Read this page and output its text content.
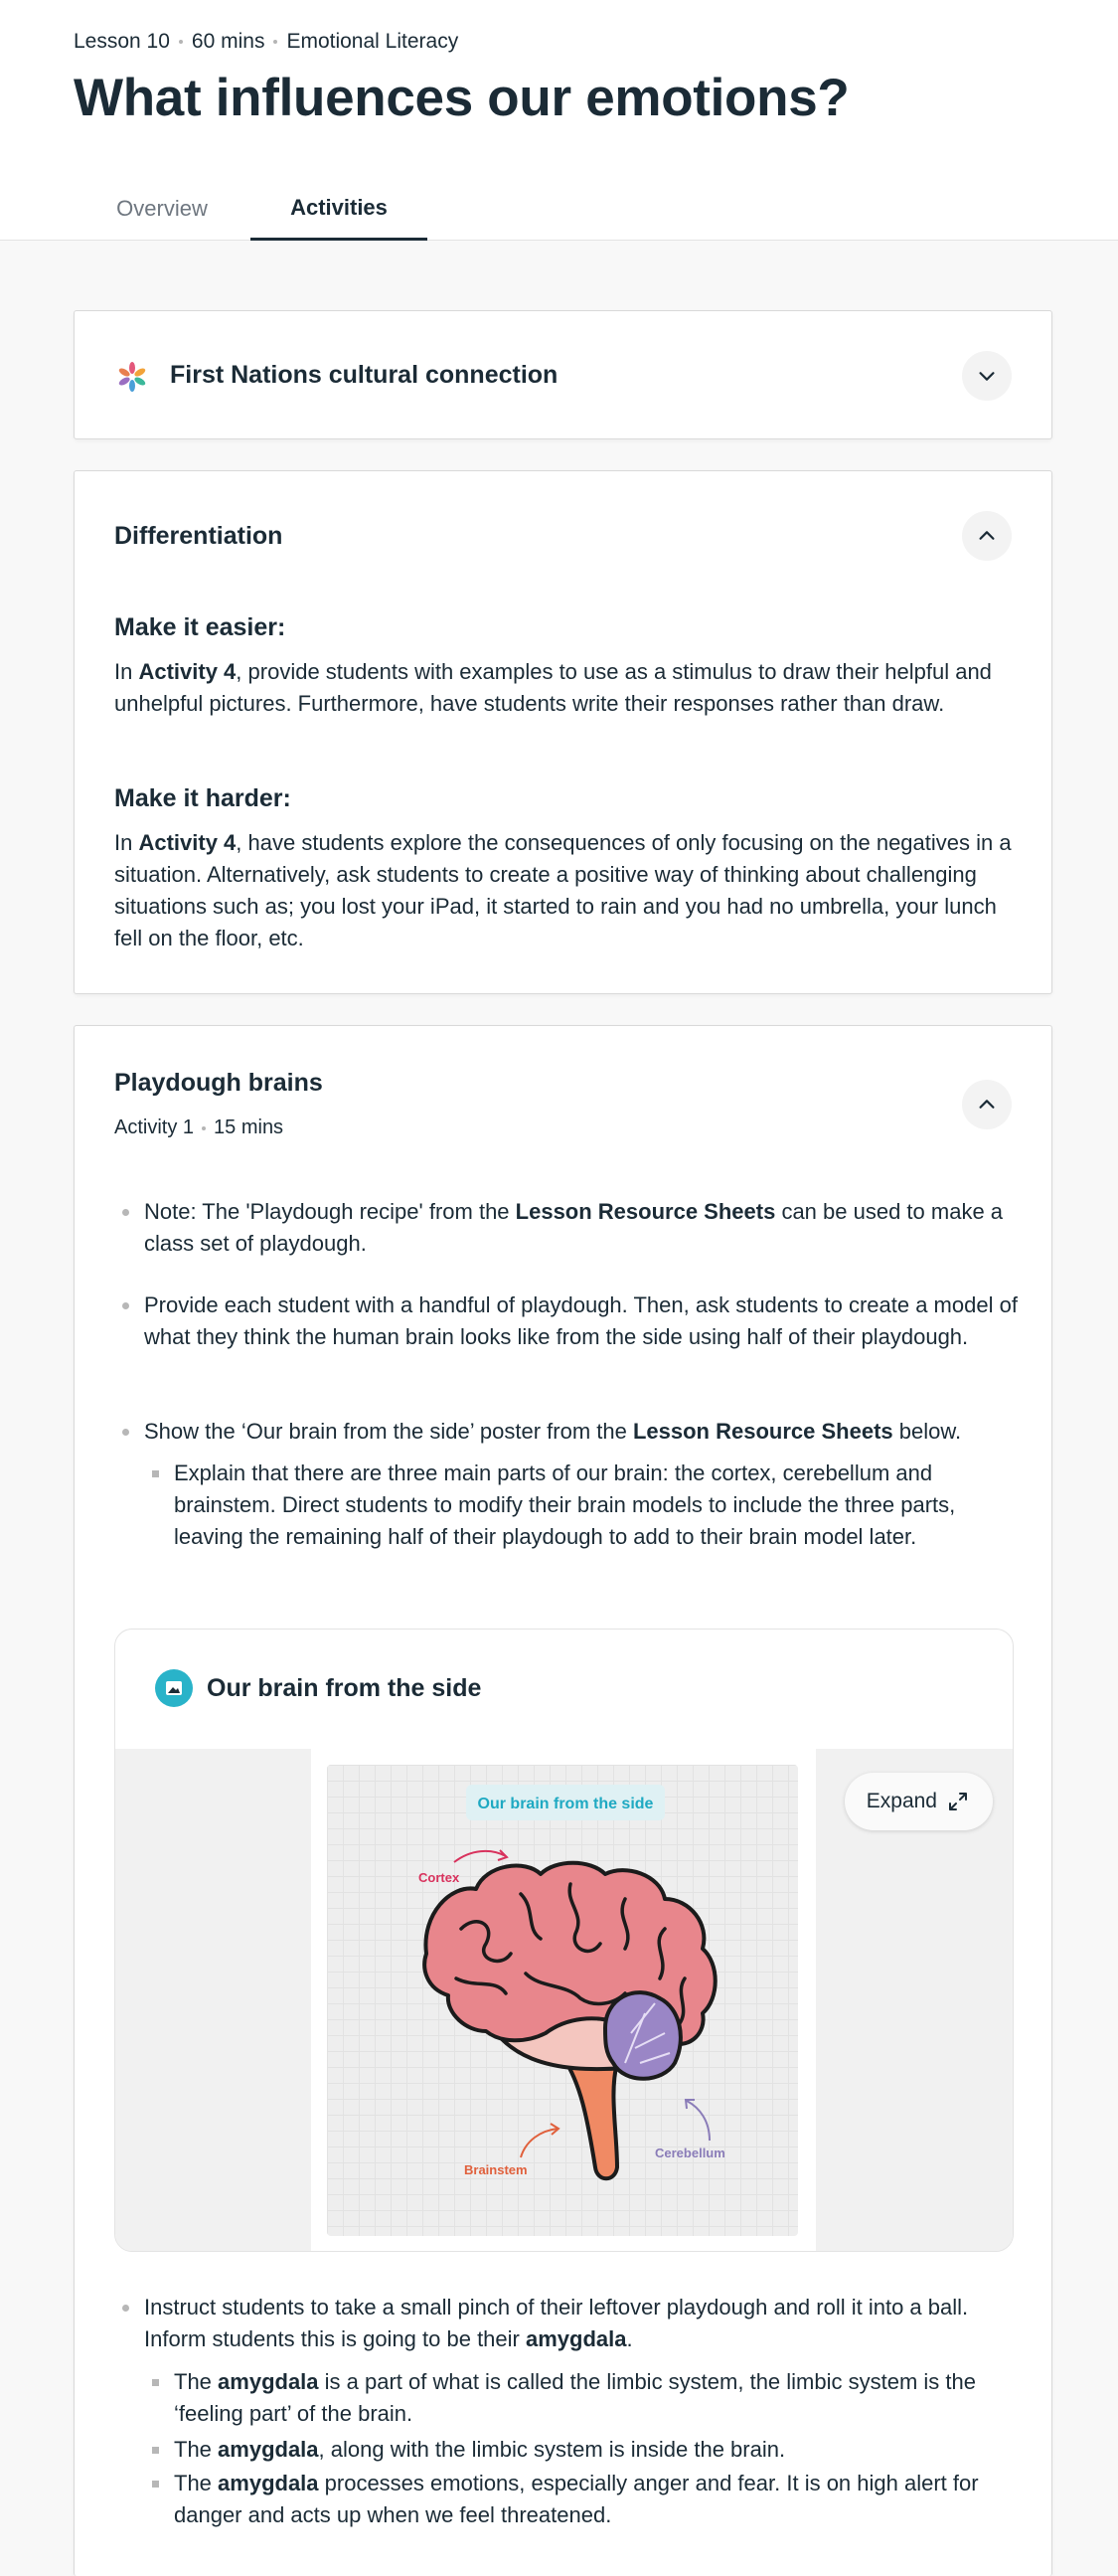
Lesson 10 60 mins Emotional Literacy
What influences our emotions?
Overview	Activities
First Nations cultural connection
Differentiation
Make it easier:
In Activity 4, provide students with examples to use as a stimulus to draw their helpful and unhelpful pictures. Furthermore, have students write their responses rather than draw.
Make it harder:
In Activity 4, have students explore the consequences of only focusing on the negatives in a situation. Alternatively, ask students to create a positive way of thinking about challenging situations such as; you lost your iPad, it started to rain and you had no umbrella, your lunch fell on the floor, etc.
Playdough brains
Activity 1 15 mins
Note: The 'Playdough recipe' from the Lesson Resource Sheets can be used to make a class set of playdough.
Provide each student with a handful of playdough. Then, ask students to create a model of what they think the human brain looks like from the side using half of their playdough.
Show the ‘Our brain from the side’ poster from the Lesson Resource Sheets below.
Explain that there are three main parts of our brain: the cortex, cerebellum and brainstem. Direct students to modify their brain models to include the three parts, leaving the remaining half of their playdough to add to their brain model later.
Our brain from the side
Our brain from the side
Cortex
Brainstem
Cerebellum
Expand
Instruct students to take a small pinch of their leftover playdough and roll it into a ball. Inform students this is going to be their amygdala.
The amygdala is a part of what is called the limbic system, the limbic system is the ‘feeling part’ of the brain.
The amygdala, along with the limbic system is inside the brain.
The amygdala processes emotions, especially anger and fear. It is on high alert for danger and acts up when we feel threatened.
